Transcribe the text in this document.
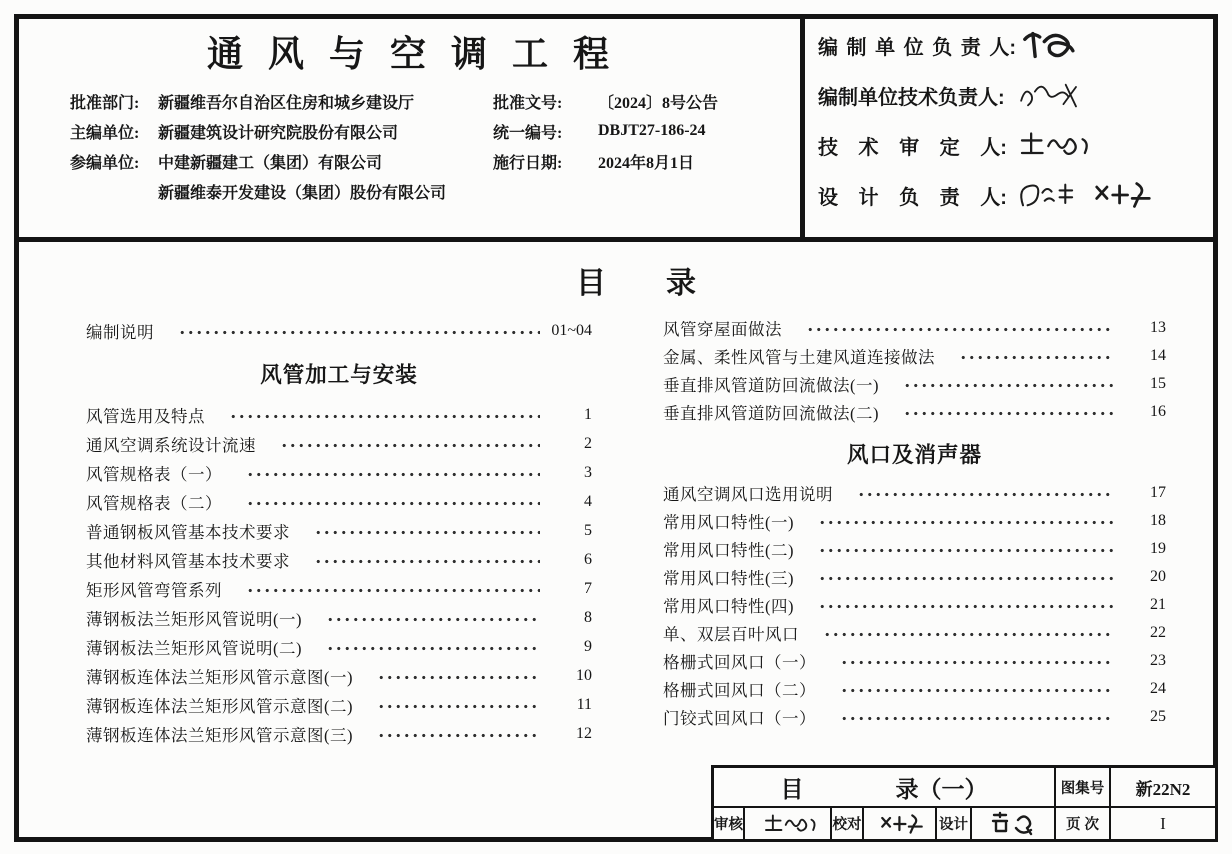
通 风 与 空 调 工 程
批准部门:	新疆维吾尔自治区住房和城乡建设厅
主编单位:	新疆建筑设计研究院股份有限公司
参编单位:	中建新疆建工（集团）有限公司
新疆维泰开发建设（集团）股份有限公司
批准文号:	〔2024〕8号公告
统一编号:	DBJT27-186-24
施行日期:	2024年8月1日
编 制 单 位 负 责 人:
编制单位技术负责人:
技 术 审 定 人:
设 计 负 责 人:
目　　录
编制说明	01~04
风管加工与安装
风管选用及特点	1
通风空调系统设计流速	2
风管规格表（一）	3
风管规格表（二）	4
普通钢板风管基本技术要求	5
其他材料风管基本技术要求	6
矩形风管弯管系列	7
薄钢板法兰矩形风管说明(一)	8
薄钢板法兰矩形风管说明(二)	9
薄钢板连体法兰矩形风管示意图(一)	10
薄钢板连体法兰矩形风管示意图(二)	11
薄钢板连体法兰矩形风管示意图(三)	12
风管穿屋面做法	13
金属、柔性风管与土建风道连接做法	14
垂直排风管道防回流做法(一)	15
垂直排风管道防回流做法(二)	16
风口及消声器
通风空调风口选用说明	17
常用风口特性(一)	18
常用风口特性(二)	19
常用风口特性(三)	20
常用风口特性(四)	21
单、双层百叶风口	22
格栅式回风口（一）	23
格栅式回风口（二）	24
门铰式回风口（一）	25
目　　　　录（一）	图集号	新22N2
审核	校对	设计	页 次	I
